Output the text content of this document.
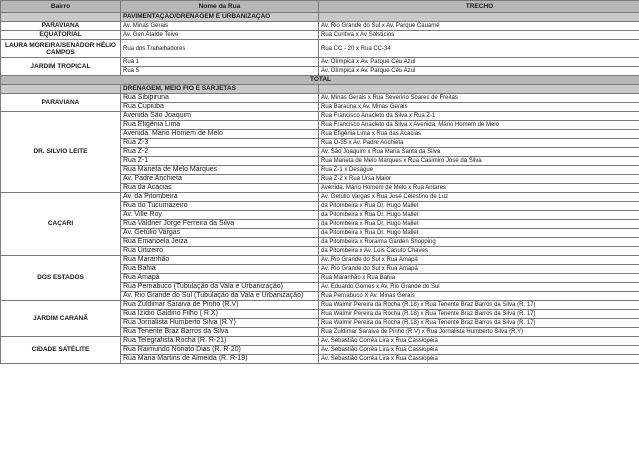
Bairro	Nome da Rua	TRECHO
	PAVIMENTAÇÃO/DRENAGEM E URBANIZAÇÃO	
PARAVIANA	Av. Minas Gerais	Av. Rio Grande do Sul x Av. Parque Cauamé
EQUATORIAL	Av. Gen Ataíde Teive	Rua Curitiva x Av Solstícios
LAURA MOREIRA/SENADOR HÉLIO
CAMPOS	Rua dos Trabalhadores	Rua CC - 20 x Rua CC-34
JARDIM TROPICAL	Rua 1	Av. Olímpica x Av. Parque Céu Azul
	Rua 5	Av. Olímpica x Av. Parque Céu Azul
TOTAL		
	DRENAGEM, MEIO FIO E SARJETAS	
PARAVIANA	Rua Sibipiruna	Av. Minas Gerais x Rua Severino Soares de Freitas
	Rua Cupiúba	Rua Baraúna x Av. Minas Gerais
DR. SILVIO LEITE	Avenida São Joaquim	Rua Francisco Anacleto da Silva x Rua Z-1
	Rua Efigênia Lima	Rua Francisco Anacleto da Silva x Avenida. Mário Homem de Melo
	Avenida. Mário Homem de Melo	Rua Efigênia Lima x Rua das Acácias
	Rua Z-3	Rua O-35 x Av. Padre Anchieta
	Rua Z-2	Av. São Joaquim x Rua Maria Santa da Silva
	Rua Z-1	Rua Marieta de Melo Marques x Rua Casimiro José da Silva
	Rua Marieta de Melo Marques	Rua Z-1 x Deságue
	Av. Padre Anchieta	Rua Z-2 x Rua Ursa Maior
	Rua da Acácias	Avenida. Mário Homem de Melo x Rua Antares
CAÇARI	Av. da Pitombeira	Av. Getúlio Vargas x Rua José Celestino de Luz
	Rua do Tucumazeiro	da Pitombeira x Rua Dr. Hugo Mallet
	Av. Ville Roy	da Pitombeira x Rua Dr. Hugo Mallet
	Rua Valdner Jorge Ferreira da Silva	da Pitombeira x Rua Dr. Hugo Mallet
	Av. Getúlio Vargas	da Pitombeira x Rua Dr. Hugo Mallet
	Rua Emanoela Jeiza	da Pitombeira x Roraima Garden Shopping
	Rua Uitizeiro	da Pitombeira x Av. Luis Canuto Chaves
DOS ESTADOS	Rua Maranhão	Av. Rio Grande do Sul x Rua Amapá
	Rua Bahia	Av. Rio Grande do Sul x Rua Amapá
	Rua Amapá	Rua Maranhão x Rua Bahia
	Rua Pernabuco (Tubulação da Vala e Urbanização)	Av. Eduardo Gomes x Av. Rio Grande do Sul
	Av. Rio Grande do Sul (Tubulação da Vala e Urbanização)	Rua Pernabuco X Av. Minas Gerais
JARDIM CARANÃ	Rua Zuldimar Saraiva de Pinho (R.V)	Rua Walmir Pereira da Rocha (R.18) x Rua Tenente Braz Barros da Silva (R. 17)
	Rua Izídio Galdino Filho ( R.X)	Rua Walmir Pereira da Rocha (R.18) x Rua Tenente Braz Barros da Silva (R. 17)
	Rua Jornalista Humberto Silva (R.Y)	Rua Walmir Pereira da Rocha (R.18) x Rua Tenente Braz Barros da Silva (R. 17)
	Rua Tenente Braz Barros da Silva	Rua Zuldimar Saraiva de Pinho (R.V) x Rua Jornalista Humberto Silva (R.Y)
CIDADE SATÉLITE	Rua Telegrafista Rocha (R. R-21)	Av. Sebastião Corrêa Lira x Rua Cassiopéia
	Rua Raimundo Nonato Dias (R. R-20)	Av. Sebastião Corrêa Lira x Rua Cassiopéia
	Rua Maria Martins de Almeida (R. R-19)	Av. Sebastião Corrêa Lira x Rua Cassiopéia
